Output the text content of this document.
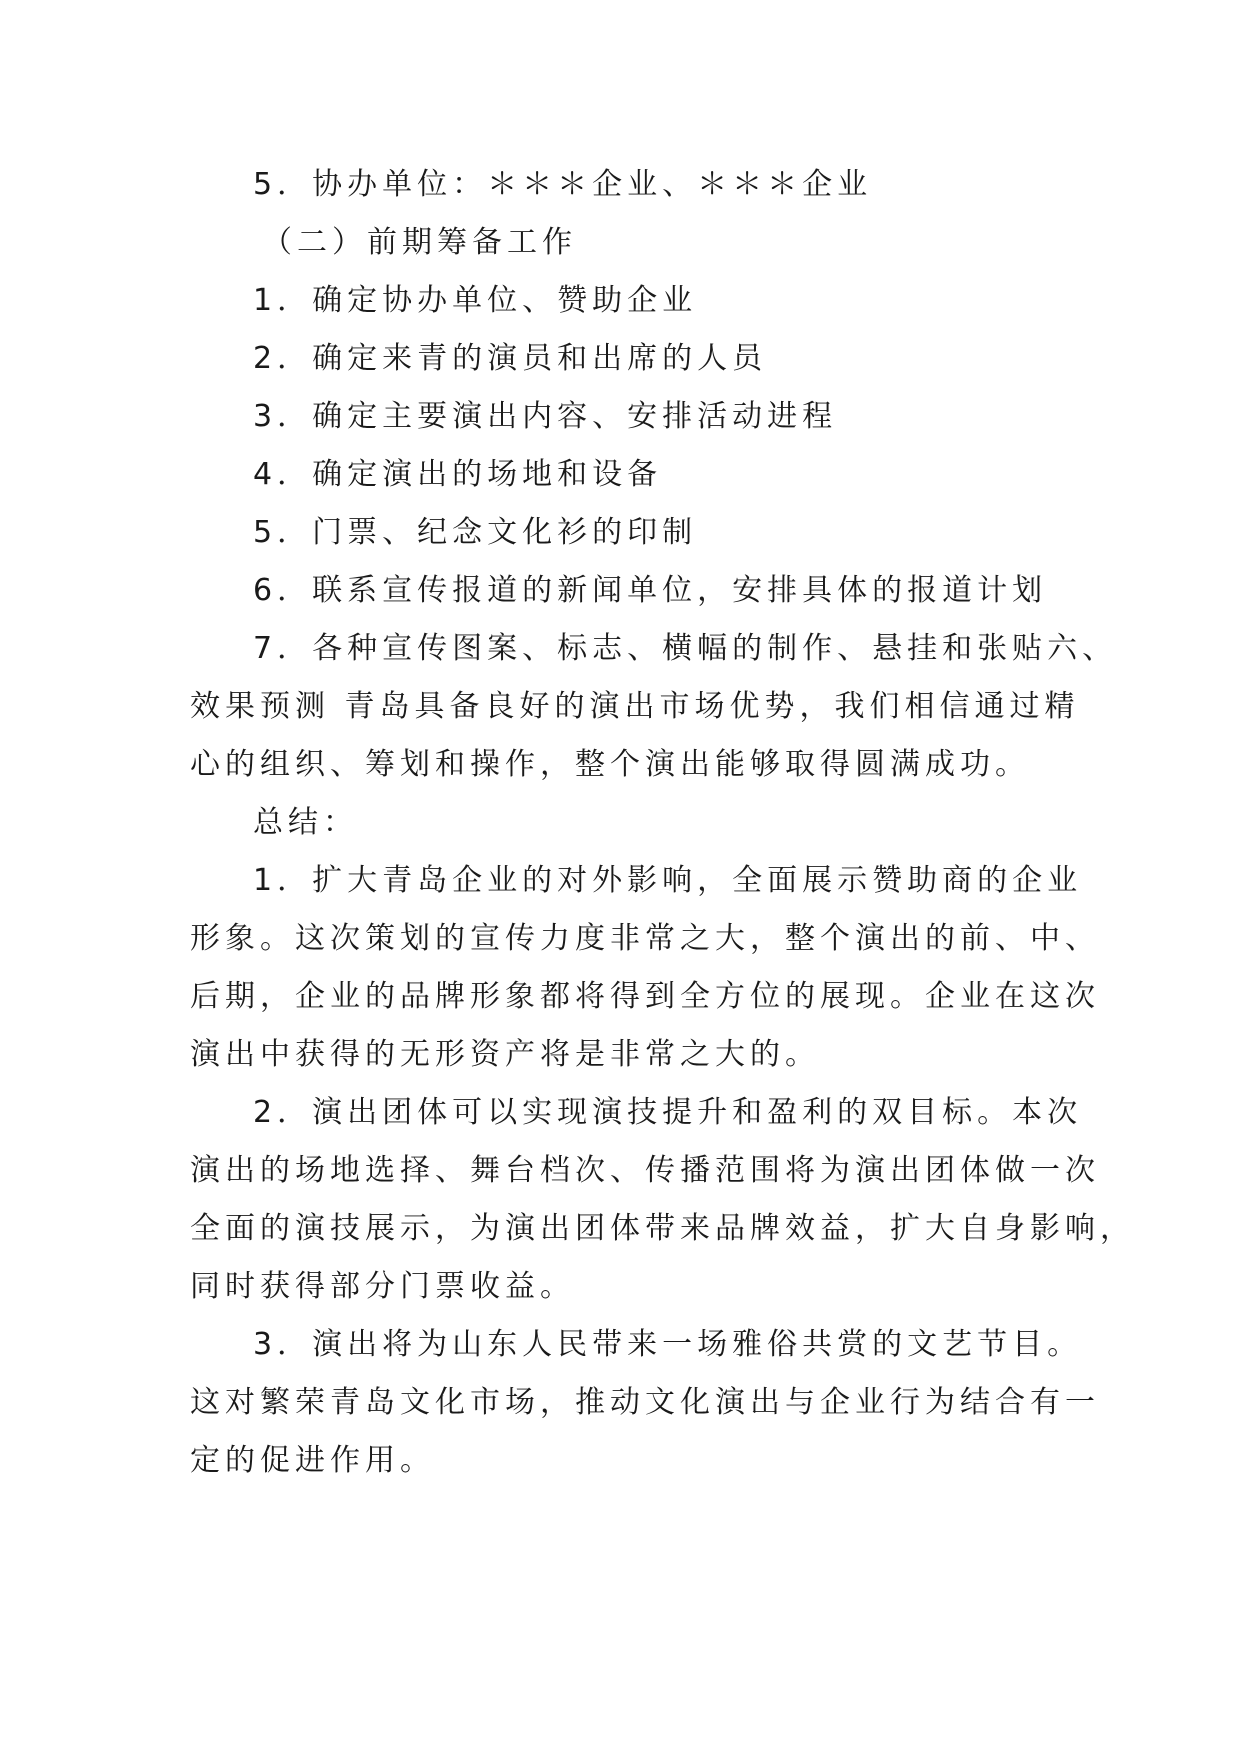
5．协办单位：＊＊＊企业、＊＊＊企业
（二）前期筹备工作
1．确定协办单位、赞助企业
2．确定来青的演员和出席的人员
3．确定主要演出内容、安排活动进程
4．确定演出的场地和设备
5．门票、纪念文化衫的印制
6．联系宣传报道的新闻单位，安排具体的报道计划
7．各种宣传图案、标志、横幅的制作、悬挂和张贴六、
效果预测 青岛具备良好的演出市场优势，我们相信通过精
心的组织、筹划和操作，整个演出能够取得圆满成功。
总结：
1．扩大青岛企业的对外影响，全面展示赞助商的企业
形象。这次策划的宣传力度非常之大，整个演出的前、中、
后期，企业的品牌形象都将得到全方位的展现。企业在这次
演出中获得的无形资产将是非常之大的。
2．演出团体可以实现演技提升和盈利的双目标。本次
演出的场地选择、舞台档次、传播范围将为演出团体做一次
全面的演技展示，为演出团体带来品牌效益，扩大自身影响，
同时获得部分门票收益。
3．演出将为山东人民带来一场雅俗共赏的文艺节目。
这对繁荣青岛文化市场，推动文化演出与企业行为结合有一
定的促进作用。
